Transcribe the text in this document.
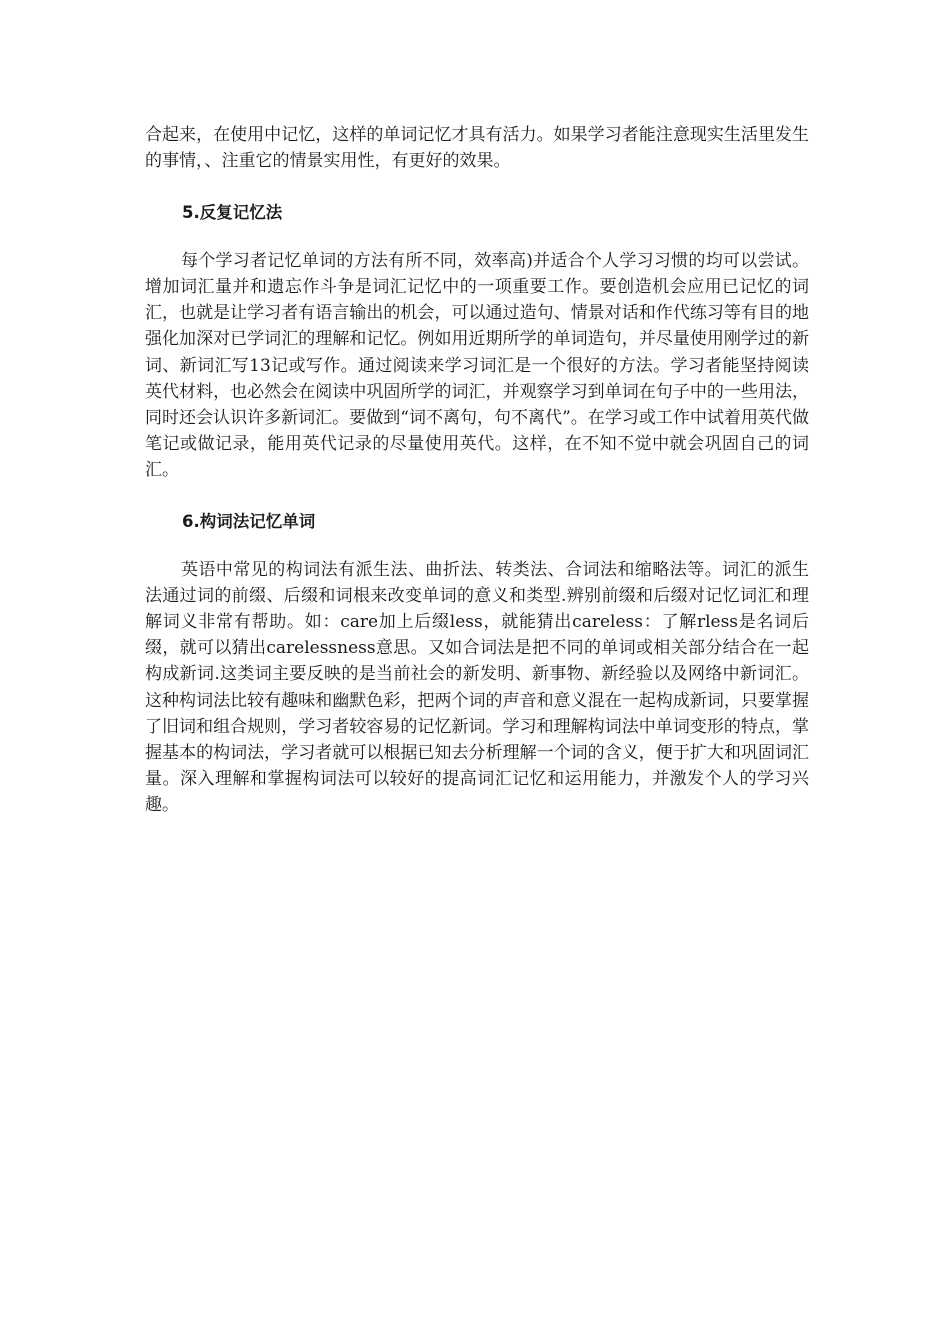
合起来，在使用中记忆，这样的单词记忆才具有活力。如果学习者能注意现实生活里发生的事情，、注重它的情景实用性，有更好的效果。

5.反复记忆法

每个学习者记忆单词的方法有所不同，效率高)并适合个人学习习惯的均可以尝试。增加词汇量并和遗忘作斗争是词汇记忆中的一项重要工作。要创造机会应用已记忆的词汇，也就是让学习者有语言输出的机会，可以通过造句、情景对话和作代练习等有目的地强化加深对已学词汇的理解和记忆。例如用近期所学的单词造句，并尽量使用刚学过的新词、新词汇写13记或写作。通过阅读来学习词汇是一个很好的方法。学习者能坚持阅读英代材料，也必然会在阅读中巩固所学的词汇，并观察学习到单词在句子中的一些用法，同时还会认识许多新词汇。要做到“词不离句，句不离代”。在学习或工作中试着用英代做笔记或做记录，能用英代记录的尽量使用英代。这样，在不知不觉中就会巩固自己的词汇。

6.构词法记忆单词

英语中常见的构词法有派生法、曲折法、转类法、合词法和缩略法等。词汇的派生法通过词的前缀、后缀和词根来改变单词的意义和类型.辨别前缀和后缀对记忆词汇和理解词义非常有帮助。如：care加上后缀less，就能猜出careless：了解rless是名词后缀，就可以猜出carelessness意思。又如合词法是把不同的单词或相关部分结合在一起构成新词.这类词主要反映的是当前社会的新发明、新事物、新经验以及网络中新词汇。这种构词法比较有趣味和幽默色彩，把两个词的声音和意义混在一起构成新词，只要掌握了旧词和组合规则，学习者较容易的记忆新词。学习和理解构词法中单词变形的特点，掌握基本的构词法，学习者就可以根据已知去分析理解一个词的含义，便于扩大和巩固词汇量。深入理解和掌握构词法可以较好的提高词汇记忆和运用能力，并激发个人的学习兴趣。
